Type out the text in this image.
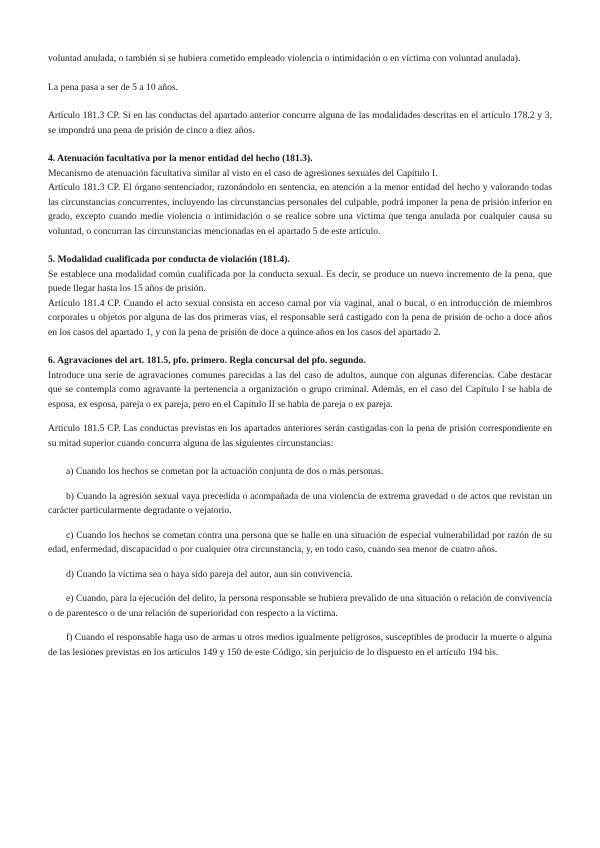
voluntad anulada, o también si se hubiera cometido empleado violencia o intimidación o en víctima con voluntad anulada).

La pena pasa a ser de 5 a 10 años.

Artículo 181.3 CP. Si en las conductas del apartado anterior concurre alguna de las modalidades descritas en el artículo 178.2 y 3, se impondrá una pena de prisión de cinco a diez años.

4. Atenuación facultativa por la menor entidad del hecho (181.3).

Mecanismo de atenuación facultativa similar al visto en el caso de agresiones sexuales del Capítulo I.

Artículo 181.3 CP. El órgano sentenciador, razonándolo en sentencia, en atención a la menor entidad del hecho y valorando todas las circunstancias concurrentes, incluyendo las circunstancias personales del culpable, podrá imponer la pena de prisión inferior en grado, excepto cuando medie violencia o intimidación o se realice sobre una víctima que tenga anulada por cualquier causa su voluntad, o concurran las circunstancias mencionadas en el apartado 5 de este artículo.

5. Modalidad cualificada por conducta de violación (181.4).

Se establece una modalidad común cualificada por la conducta sexual. Es decir, se produce un nuevo incremento de la pena, que puede llegar hasta los 15 años de prisión.

Artículo 181.4 CP. Cuando el acto sexual consista en acceso carnal por vía vaginal, anal o bucal, o en introducción de miembros corporales u objetos por alguna de las dos primeras vías, el responsable será castigado con la pena de prisión de ocho a doce años en los casos del apartado 1, y con la pena de prisión de doce a quince años en los casos del apartado 2.

6. Agravaciones del art. 181.5, pfo. primero. Regla concursal del pfo. segundo.

Introduce una serie de agravaciones comunes parecidas a las del caso de adultos, aunque con algunas diferencias. Cabe destacar que se contempla como agravante la pertenencia a organización o grupo criminal. Además, en el caso del Capítulo I se habla de esposa, ex esposa, pareja o ex pareja, pero en el Capítulo II se habla de pareja o ex pareja.

Artículo 181.5 CP. Las conductas previstas en los apartados anteriores serán castigadas con la pena de prisión correspondiente en su mitad superior cuando concurra alguna de las siguientes circunstancias:

a) Cuando los hechos se cometan por la actuación conjunta de dos o más personas.

b) Cuando la agresión sexual vaya precedida o acompañada de una violencia de extrema gravedad o de actos que revistan un carácter particularmente degradante o vejatorio.

c) Cuando los hechos se cometan contra una persona que se halle en una situación de especial vulnerabilidad por razón de su edad, enfermedad, discapacidad o por cualquier otra circunstancia, y, en todo caso, cuando sea menor de cuatro años.

d) Cuando la víctima sea o haya sido pareja del autor, aun sin convivencia.

e) Cuando, para la ejecución del delito, la persona responsable se hubiera prevalido de una situación o relación de convivencia o de parentesco o de una relación de superioridad con respecto a la víctima.

f) Cuando el responsable haga uso de armas u otros medios igualmente peligrosos, susceptibles de producir la muerte o alguna de las lesiones previstas en los artículos 149 y 150 de este Código, sin perjuicio de lo dispuesto en el artículo 194 bis.
